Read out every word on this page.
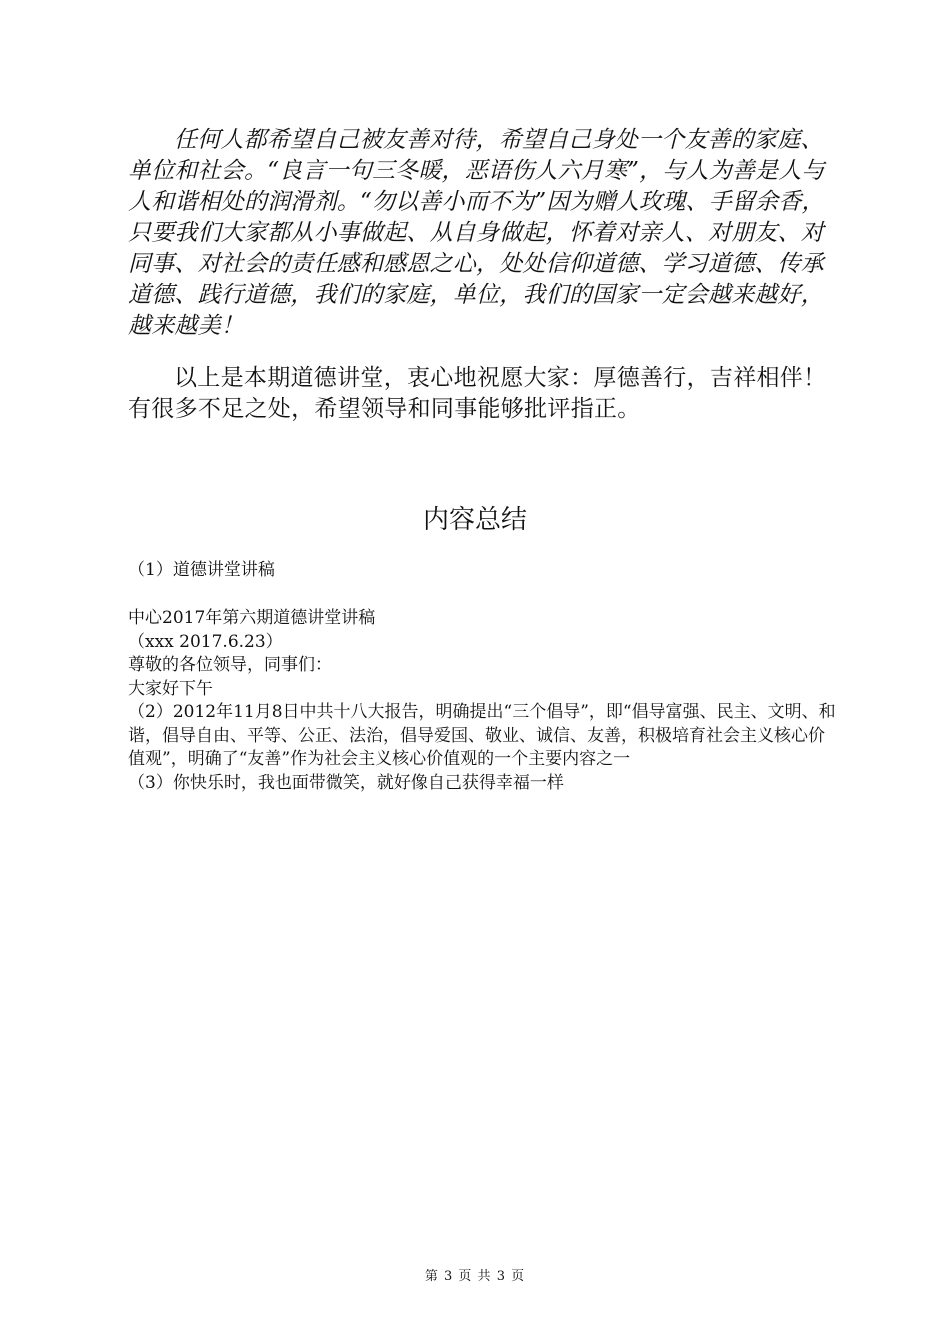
任何人都希望自己被友善对待，希望自己身处一个友善的家庭、单位和社会。“良言一句三冬暖，恶语伤人六月寒”，与人为善是人与人和谐相处的润滑剂。“勿以善小而不为”因为赠人玫瑰、手留余香，只要我们大家都从小事做起、从自身做起，怀着对亲人、对朋友、对同事、对社会的责任感和感恩之心，处处信仰道德、学习道德、传承道德、践行道德，我们的家庭，单位，我们的国家一定会越来越好，越来越美！

以上是本期道德讲堂，衷心地祝愿大家：厚德善行，吉祥相伴！有很多不足之处，希望领导和同事能够批评指正。

内容总结

（1）道德讲堂讲稿

中心2017年第六期道德讲堂讲稿
（xxx 2017.6.23）
尊敬的各位领导，同事们：
大家好下午
（2）2012年11月8日中共十八大报告，明确提出“三个倡导”，即“倡导富强、民主、文明、和谐，倡导自由、平等、公正、法治，倡导爱国、敬业、诚信、友善，积极培育社会主义核心价值观”，明确了“友善”作为社会主义核心价值观的一个主要内容之一
（3）你快乐时，我也面带微笑，就好像自己获得幸福一样
第 3 页 共 3 页
